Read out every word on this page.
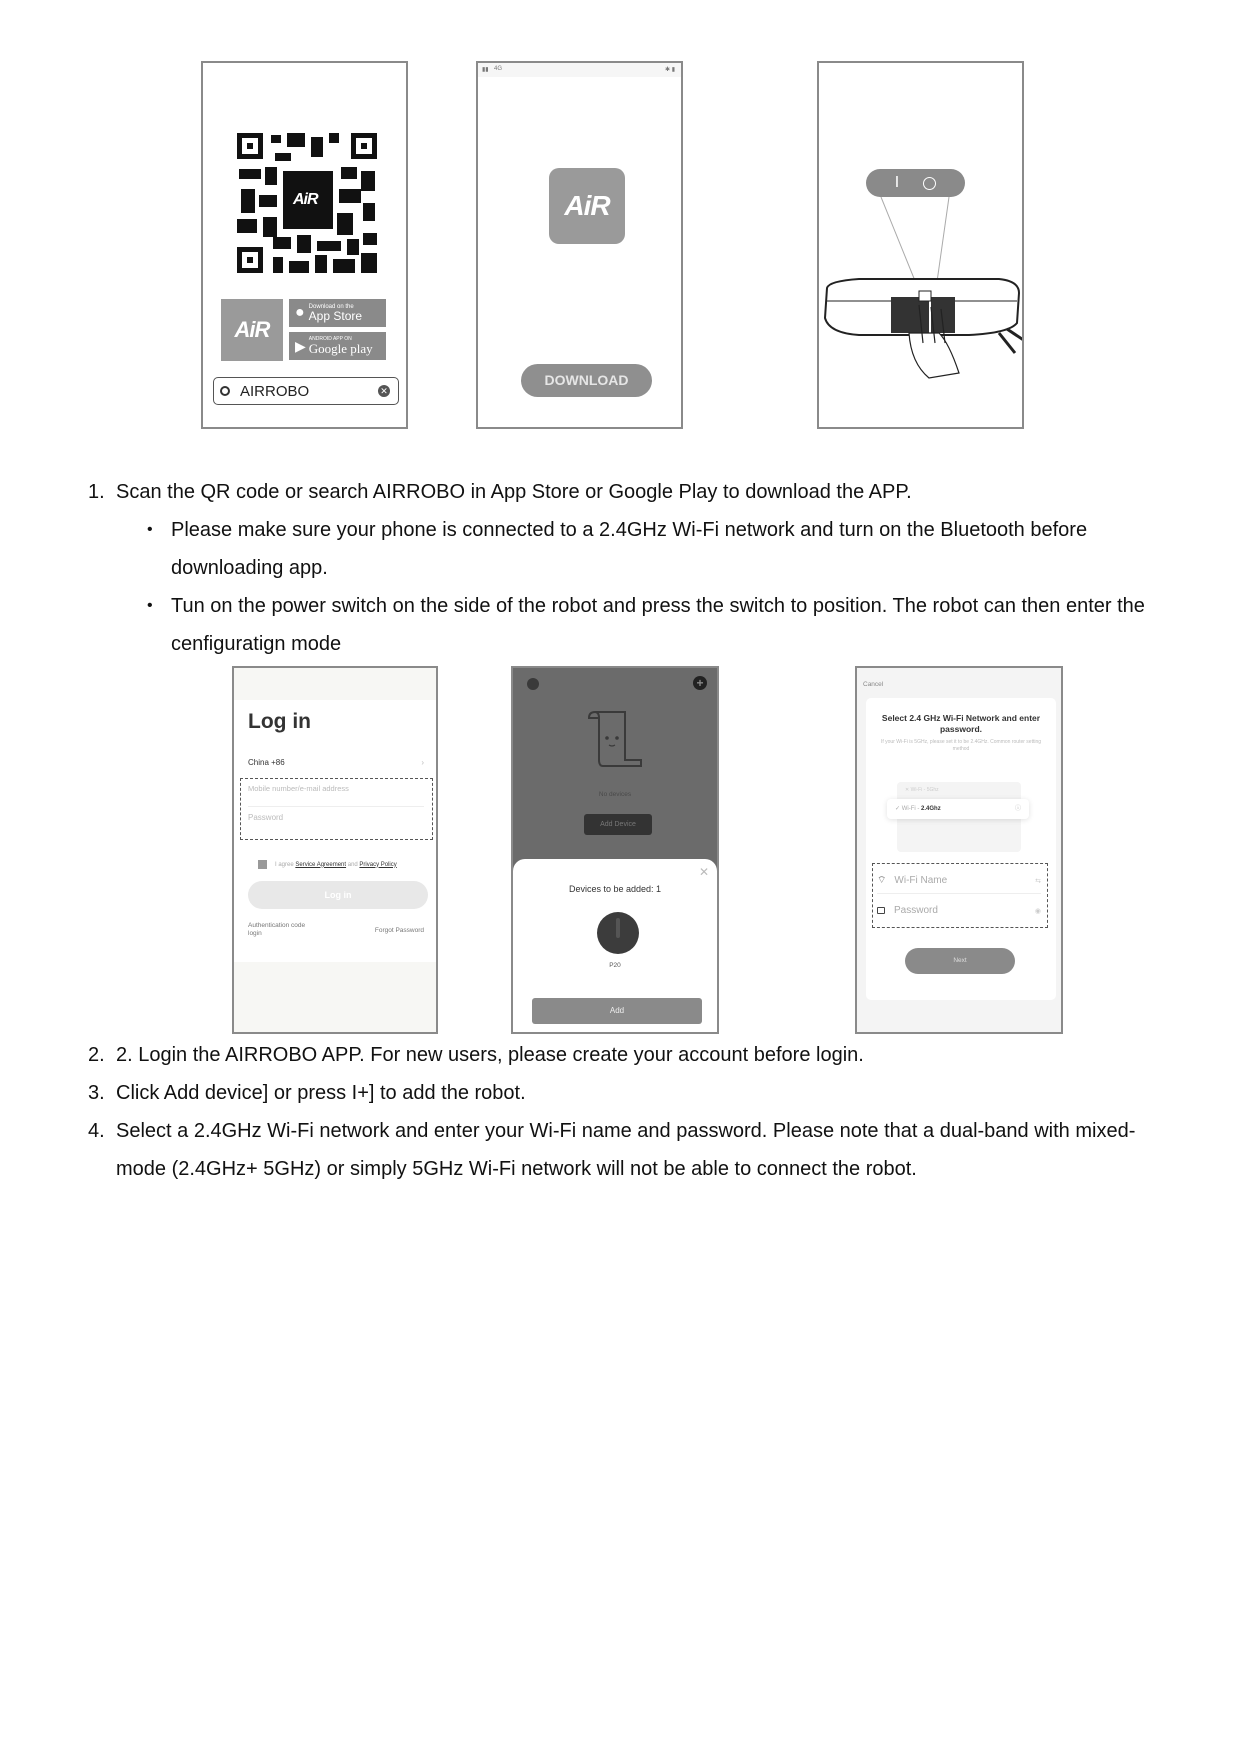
AiR
AiR
● Download on the
App Store
▶ ANDROID APP ON
Google play
AIRROBO	✕
▮▮ 4G	✱ ▮
AiR
DOWNLOAD
I
1. Scan the QR code or search AIRROBO in App Store or Google Play to download the APP.
• Please make sure your phone is connected to a 2.4GHz Wi-Fi network and turn on the Bluetooth before downloading app.
• Tun on the power switch on the side of the robot and press the switch to position. The robot can then enter the cenfiguratign mode
Log in
China +86	›
Mobile number/e-mail address
Password
I agree
Service Agreement
and
Privacy Policy
Log in
Authentication code login	Forgot Password
+
No devices
Add Device
✕
Devices to be added: 1
P20
Add
Cancel
Select 2.4 GHz Wi-Fi Network and enter password.
If your Wi-Fi is 5GHz, please set it to be 2.4GHz. Common router setting method
✕ Wi-Fi - 5Ghz
✓ Wi-Fi - 2.4Ghz	ⓘ
⌔ Wi-Fi Name	⇆
Password	◉
Next
2. 2. Login the AIRROBO APP. For new users, please create your account before login.
3. Click Add device] or press I+] to add the robot.
4. Select a 2.4GHz Wi-Fi network and enter your Wi-Fi name and password. Please note that a dual-band with mixed-mode (2.4GHz+ 5GHz) or simply 5GHz Wi-Fi network will not be able to connect the robot.
